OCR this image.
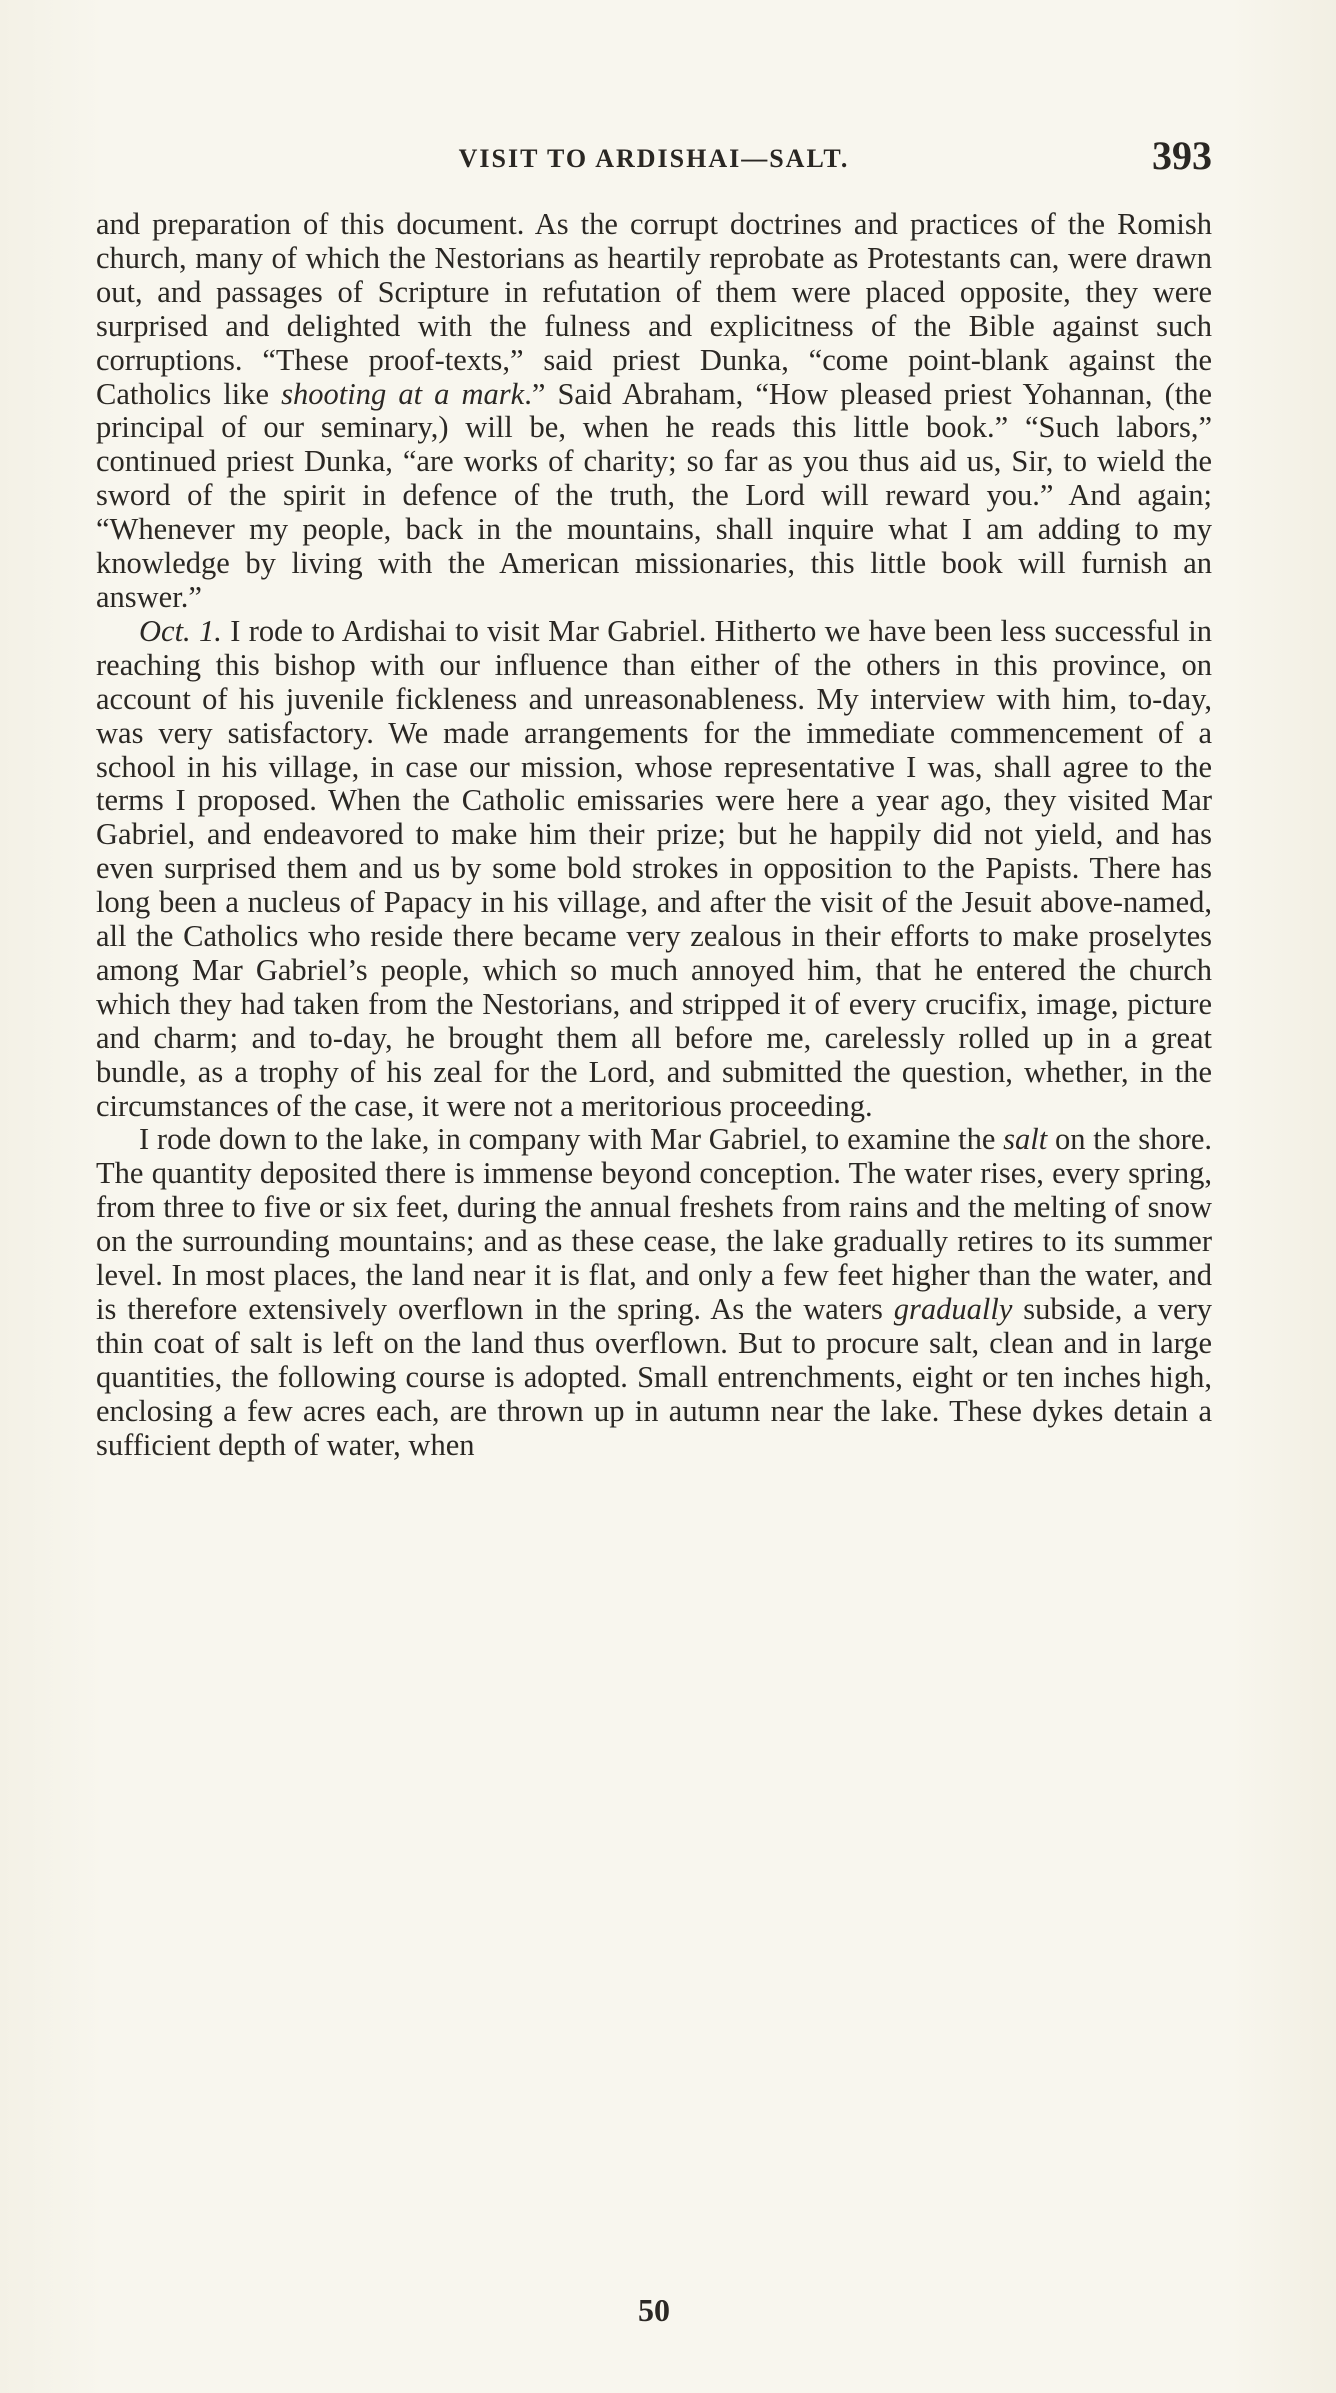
VISIT TO ARDISHAI—SALT.	393

and preparation of this document. As the corrupt doctrines and practices of the Romish church, many of which the Nestorians as heartily reprobate as Protestants can, were drawn out, and passages of Scripture in refutation of them were placed opposite, they were surprised and delighted with the fulness and explicitness of the Bible against such corruptions. “These proof-texts,” said priest Dunka, “come point-blank against the Catholics like shooting at a mark.” Said Abraham, “How pleased priest Yohannan, (the principal of our seminary,) will be, when he reads this little book.” “Such labors,” continued priest Dunka, “are works of charity; so far as you thus aid us, Sir, to wield the sword of the spirit in defence of the truth, the Lord will reward you.” And again; “Whenever my people, back in the mountains, shall inquire what I am adding to my knowledge by living with the American missionaries, this little book will furnish an answer.”

Oct. 1. I rode to Ardishai to visit Mar Gabriel. Hitherto we have been less successful in reaching this bishop with our influence than either of the others in this province, on account of his juvenile fickleness and unreasonableness. My interview with him, to-day, was very satisfactory. We made arrangements for the immediate commencement of a school in his village, in case our mission, whose representative I was, shall agree to the terms I proposed. When the Catholic emissaries were here a year ago, they visited Mar Gabriel, and endeavored to make him their prize; but he happily did not yield, and has even surprised them and us by some bold strokes in opposition to the Papists. There has long been a nucleus of Papacy in his village, and after the visit of the Jesuit above-named, all the Catholics who reside there became very zealous in their efforts to make proselytes among Mar Gabriel’s people, which so much annoyed him, that he entered the church which they had taken from the Nestorians, and stripped it of every crucifix, image, picture and charm; and to-day, he brought them all before me, carelessly rolled up in a great bundle, as a trophy of his zeal for the Lord, and submitted the question, whether, in the circumstances of the case, it were not a meritorious proceeding.

I rode down to the lake, in company with Mar Gabriel, to examine the salt on the shore. The quantity deposited there is immense beyond conception. The water rises, every spring, from three to five or six feet, during the annual freshets from rains and the melting of snow on the surrounding mountains; and as these cease, the lake gradually retires to its summer level. In most places, the land near it is flat, and only a few feet higher than the water, and is therefore extensively overflown in the spring. As the waters gradually subside, a very thin coat of salt is left on the land thus overflown. But to procure salt, clean and in large quantities, the following course is adopted. Small entrenchments, eight or ten inches high, enclosing a few acres each, are thrown up in autumn near the lake. These dykes detain a sufficient depth of water, when

50
